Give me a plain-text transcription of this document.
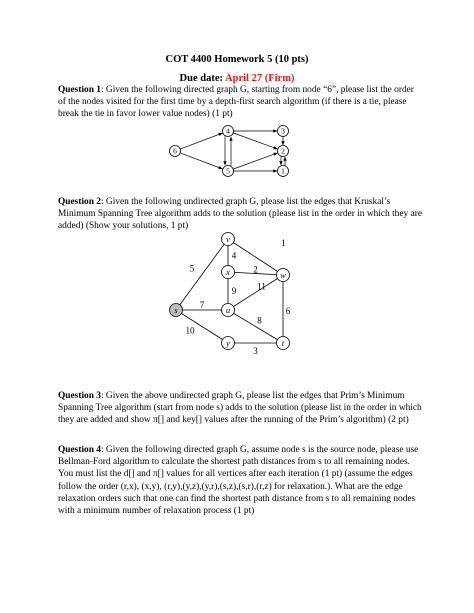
COT 4400 Homework 5 (10 pts)
Due date: April 27 (Firm)
Question 1: Given the following directed graph G, starting from node “6”, please list the order of the nodes visited for the first time by a depth-first search algorithm (if there is a tie, please break the tie in favor lower value nodes) (1 pt)
Question 2: Given the following undirected graph G, please list the edges that Kruskal’s Minimum Spanning Tree algorithm adds to the solution (please list in the order in which they are added) (Show your solutions, 1 pt)
Question 3: Given the above undirected graph G, please list the edges that Prim’s Minimum Spanning Tree algorithm (start from node s) adds to the solution (please list in the order in which they are added and show π[] and key[] values after the running of the Prim’s algorithm) (2 pt)
Question 4: Given the following directed graph G, assume node s is the source node, please use Bellman-Ford algorithm to calculate the shortest path distances from s to all remaining nodes. You must list the d[] and π[] values for all vertices after each iteration (1 pt) (assume the edges follow the order (r,x), (x,y), (r,y),(y,z),(y,r),(s,z),(s,r),(r,z) for relaxation.). What are the edge relaxation orders such that one can find the shortest path distance from s to all remaining nodes with a minimum number of relaxation process (1 pt)
6
4
5
3
2
1
1
4
2
5
9
7
11
6
8
10
3
v
x	w
s	u
y	t
